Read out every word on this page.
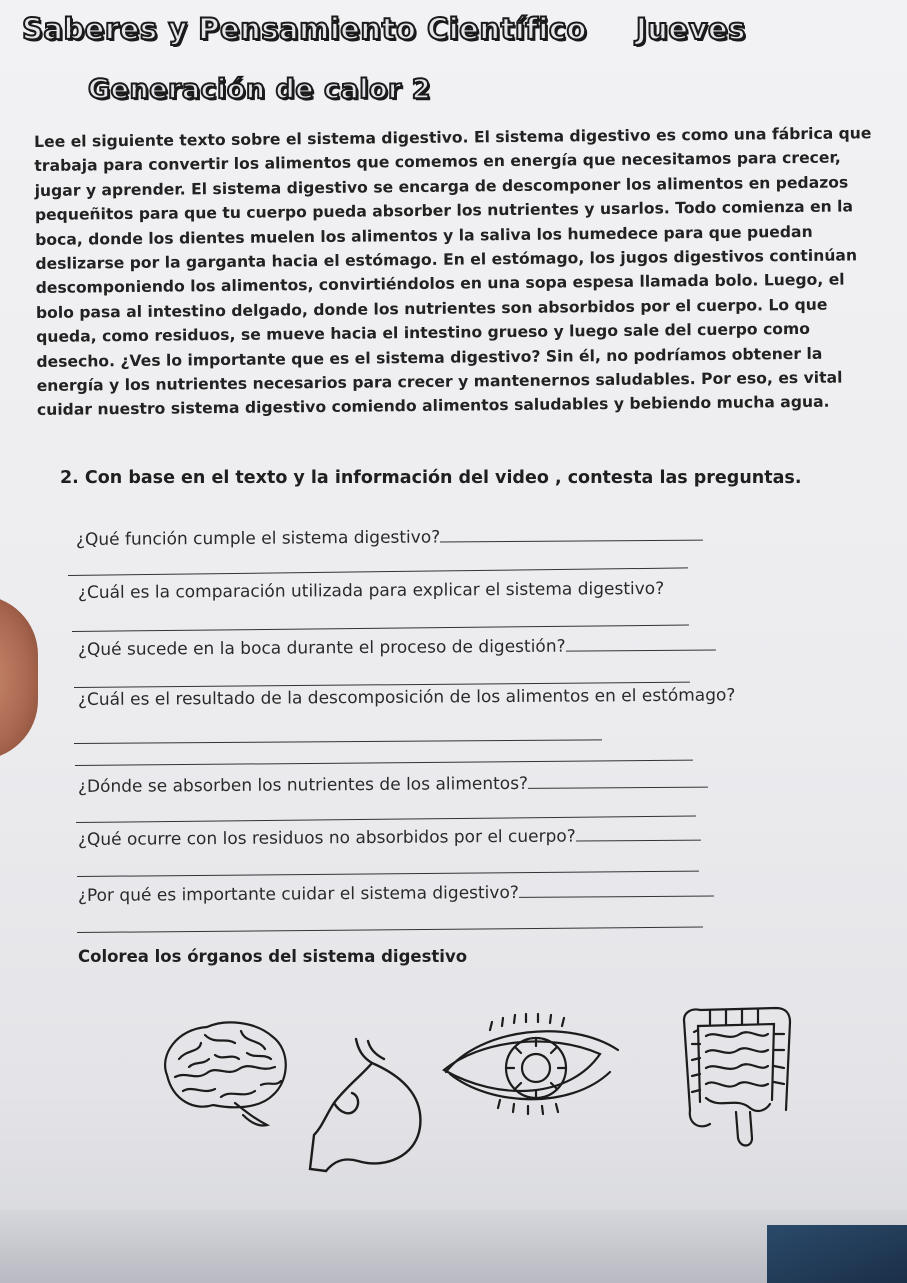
Saberes y Pensamiento Científico Jueves
Generación de calor 2

Lee el siguiente texto sobre el sistema digestivo. El sistema digestivo es como una fábrica que trabaja para convertir los alimentos que comemos en energía que necesitamos para crecer, jugar y aprender. El sistema digestivo se encarga de descomponer los alimentos en pedazos pequeñitos para que tu cuerpo pueda absorber los nutrientes y usarlos. Todo comienza en la boca, donde los dientes muelen los alimentos y la saliva los humedece para que puedan deslizarse por la garganta hacia el estómago. En el estómago, los jugos digestivos continúan descomponiendo los alimentos, convirtiéndolos en una sopa espesa llamada bolo. Luego, el bolo pasa al intestino delgado, donde los nutrientes son absorbidos por el cuerpo. Lo que queda, como residuos, se mueve hacia el intestino grueso y luego sale del cuerpo como desecho. ¿Ves lo importante que es el sistema digestivo? Sin él, no podríamos obtener la energía y los nutrientes necesarios para crecer y mantenernos saludables. Por eso, es vital cuidar nuestro sistema digestivo comiendo alimentos saludables y bebiendo mucha agua.

2. Con base en el texto y la información del video , contesta las preguntas.

¿Qué función cumple el sistema digestivo?

¿Cuál es la comparación utilizada para explicar el sistema digestivo?

¿Qué sucede en la boca durante el proceso de digestión?

¿Cuál es el resultado de la descomposición de los alimentos en el estómago?

¿Dónde se absorben los nutrientes de los alimentos?

¿Qué ocurre con los residuos no absorbidos por el cuerpo?

¿Por qué es importante cuidar el sistema digestivo?

Colorea los órganos del sistema digestivo
